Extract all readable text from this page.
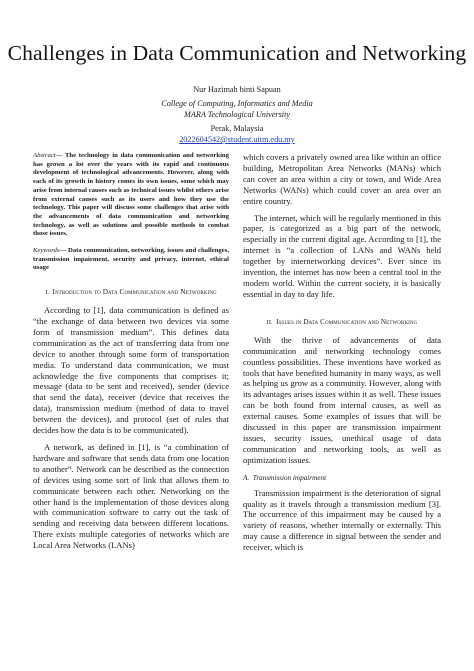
Challenges in Data Communication and Networking
Nur Hazimah binti Sapuan
College of Computing, Informatics and Media
MARA Technological University
Perak, Malaysia
2022604542@student.uitm.edu.my

Abstract— The technology in data communication and networking has grown a lot over the years with its rapid and continuous development of technological advancements. However, along with each of its growth in history comes its own issues, some which may arise from internal causes such as technical issues whilst others arise from external causes such as its users and how they use the technology. This paper will discuss some challenges that arise with the advancements of data communication and networking technology, as well as solutions and possible methods to combat those issues.

Keywords— Data communication, networking, issues and challenges, transmission impairment, security and privacy, internet, ethical usage

I. Introduction to Data Communication and Networking

According to [1], data communication is defined as “the exchange of data between two devices via some form of transmission medium”. This defines data communication as the act of transferring data from one device to another through some form of transportation media. To understand data communication, we must acknowledge the five components that comprises it; message (data to be sent and received), sender (device that send the data), receiver (device that receives the data), transmission medium (method of data to travel between the devices), and protocol (set of rules that decides how the data is to be communicated).

A network, as defined in [1], is “a combination of hardware and software that sends data from one location to another”. Network can be described as the connection of devices using some sort of link that allows them to communicate between each other. Networking on the other hand is the implementation of those devices along with communication software to carry out the task of sending and receiving data between different locations. There exists multiple categories of networks which are Local Area Networks (LANs)

which covers a privately owned area like within an office building, Metropolitan Area Networks (MANs) which can cover an area within a city or town, and Wide Area Networks (WANs) which could cover an area over an entire country.

The internet, which will be regularly mentioned in this paper, is categorized as a big part of the network, especially in the current digital age. According to [1], the internet is “a collection of LANs and WANs held together by internetworking devices”. Ever since its invention, the internet has now been a central tool in the modern world. Within the current society, it is basically essential in day to day life.

II. Issues in Data Communication and Networking

With the thrive of advancements of data communication and networking technology comes countless possibilities. These inventions have worked as tools that have benefited humanity in many ways, as well as helping us grow as a community. However, along with its advantages arises issues within it as well. These issues can be both found from internal causes, as well as external causes. Some examples of issues that will be discussed in this paper are transmission impairment issues, security issues, unethical usage of data communication and networking tools, as well as optimization issues.

A. Transmission impairment

Transmission impairment is the deterioration of signal quality as it travels through a transmission medium [3]. The occurrence of this impairment may be caused by a variety of reasons, whether internally or externally. This may cause a difference in signal between the sender and receiver, which is
